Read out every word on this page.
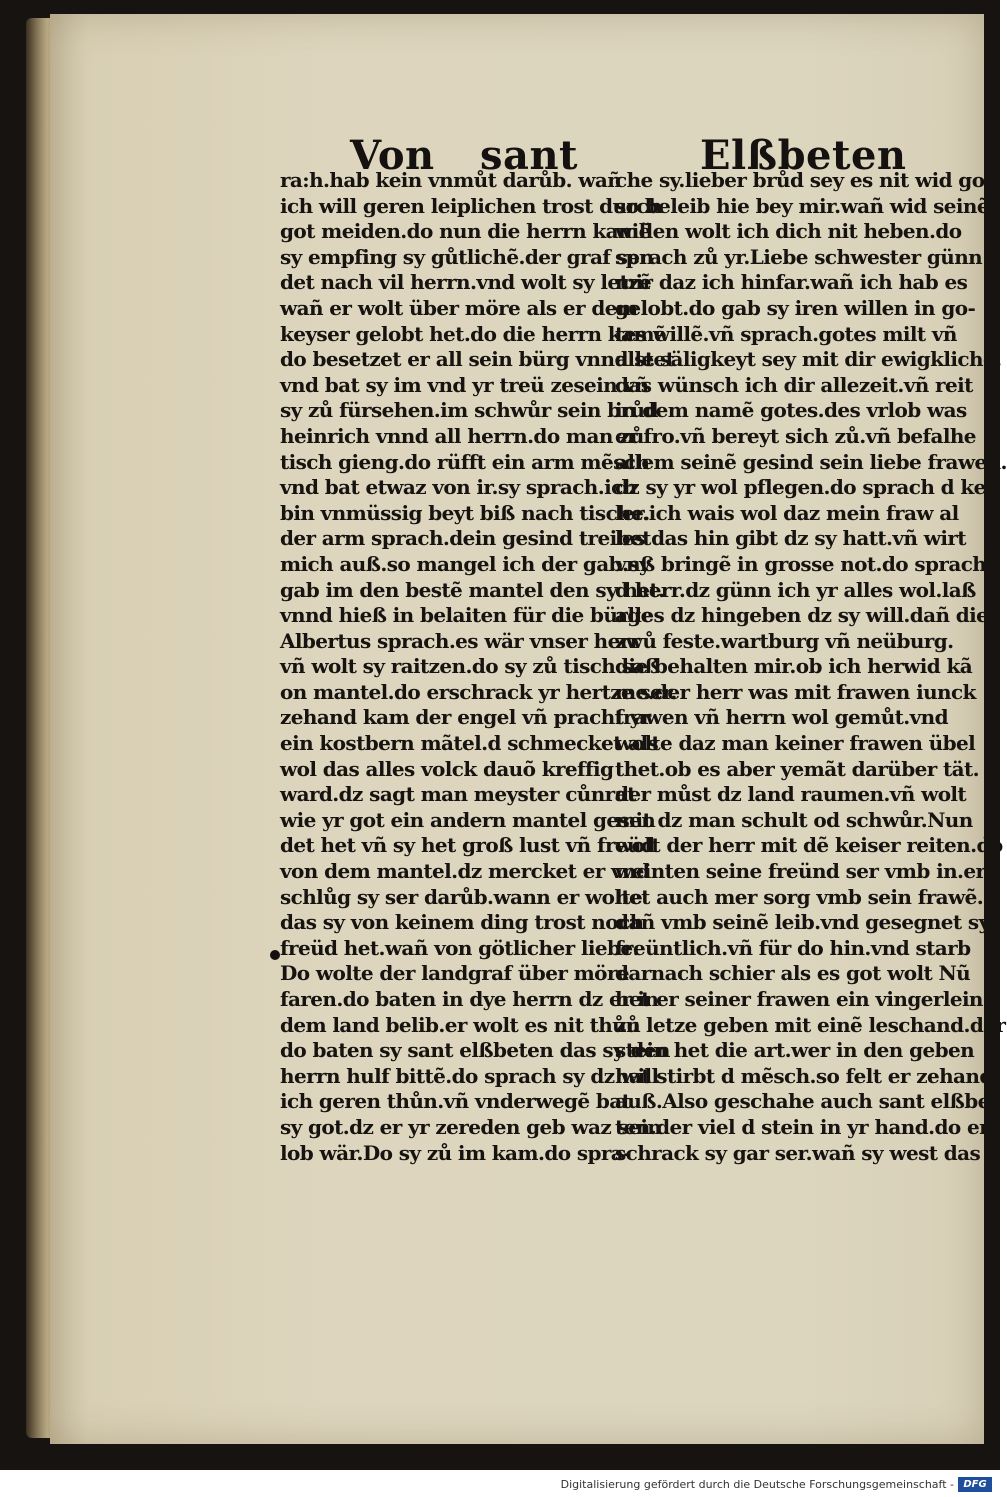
Von sant	Elßbeten
ra:h.hab kein vnmůt darůb. wañ
ich will geren leiplichen trost durch
got meiden.do nun die herrn kamẽ
sy empfing sy gůtlichẽ.der graf sen
det nach vil herrn.vnd wolt sy letzẽ
wañ er wolt über möre als er dem
keyser gelobt het.do die herrn kamẽ
do besetzet er all sein bürg vnnd stet
vnd bat sy im vnd yr treü zesein vñ
sy zů fürsehen.im schwůr sein brůd
heinrich vnnd all herrn.do man zů
tisch gieng.do rüfft ein arm mẽsch
vnd bat etwaz von ir.sy sprach.ich
bin vnmüssig beyt biß nach tische.
der arm sprach.dein gesind treibet
mich auß.so mangel ich der gab.sy
gab im den bestẽ mantel den sy het.
vnnd hieß in belaiten für die bürge
Albertus sprach.es wär vnser herr
vñ wolt sy raitzen.do sy zů tisch saß
on mantel.do erschrack yr hertze ser.
zehand kam der engel vñ pracht yr
ein kostbern mãtel.d schmecket als
wol das alles volck dauõ kreffig
ward.dz sagt man meyster cůnrat
wie yr got ein andern mantel gesen
det het vñ sy het groß lust vñ freüd
von dem mantel.dz mercket er vnd
schlůg sy ser darůb.wann er wolte
das sy von keinem ding trost noch
freüd het.wañ von götlicher liebe.
Do wolte der landgraf über möre
faren.do baten in dye herrn dz er in
dem land belib.er wolt es nit thůn
do baten sy sant elßbeten das sy den
herrn hulf bittẽ.do sprach sy dz will
ich geren thůn.vñ vnderwegẽ bat
sy got.dz er yr zereden geb waz sein
lob wär.Do sy zů im kam.do spra-
che sy.lieber brůd sey es nit wid got
so beleib hie bey mir.wañ wid seinẽ
willen wolt ich dich nit heben.do
sprach zů yr.Liebe schwester günn
mir daz ich hinfar.wañ ich hab es
gelobt.do gab sy iren willen in go-
tes willẽ.vñ sprach.gotes milt vñ
alle säligkeyt sey mit dir ewigklichẽ.
das wünsch ich dir allezeit.vñ reit
in dem namẽ gotes.des vrlob was
er fro.vñ bereyt sich zů.vñ befalhe
allem seinẽ gesind sein liebe frawen.
dz sy yr wol pflegen.do sprach d kel
ler.ich wais wol daz mein fraw al
les das hin gibt dz sy hatt.vñ wirt
vnß bringẽ in grosse not.do sprach
d herr.dz günn ich yr alles wol.laß
alles dz hingeben dz sy will.dañ die
zwů feste.wartburg vñ neüburg.
die behalten mir.ob ich herwid kã
me.der herr was mit frawen iunck
frawen vñ herrn wol gemůt.vnd
wolte daz man keiner frawen übel
thet.ob es aber yemãt darüber tät.
der můst dz land raumen.vñ wolt
mit dz man schult od schwůr.Nun
wolt der herr mit dẽ keiser reiten.do
weinten seine freünd ser vmb in.er
het auch mer sorg vmb sein frawẽ.
dañ vmb seinẽ leib.vnd gesegnet sy
freüntlich.vñ für do hin.vnd starb
darnach schier als es got wolt Nũ
het er seiner frawen ein vingerlein
zů letze geben mit einẽ leschand.der
stein het die art.wer in den geben
hat stirbt d mẽsch.so felt er zehand
auß.Also geschahe auch sant elßbe
ten.der viel d stein in yr hand.do er
schrack sy gar ser.wañ sy west das
Digitalisierung gefördert durch die Deutsche Forschungsgemeinschaft - DFG
